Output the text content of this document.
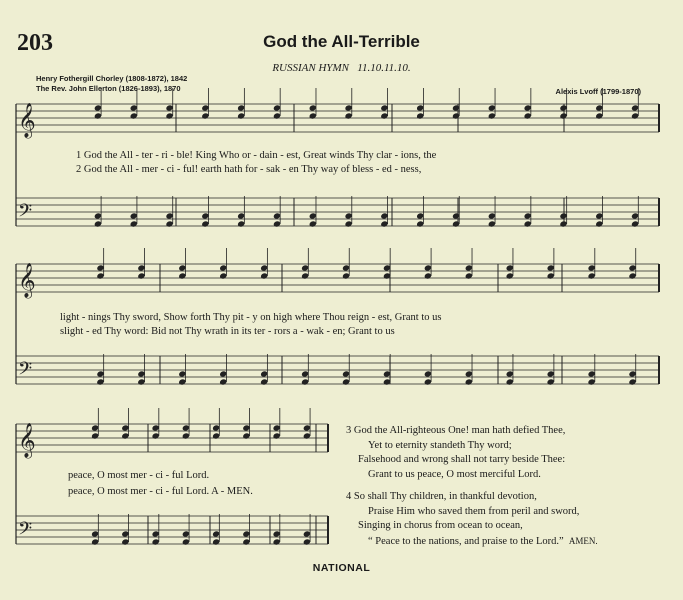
203	God the All-Terrible
RUSSIAN HYMN 11.10.11.10.
Henry Fothergill Chorley (1808-1872), 1842
The Rev. John Ellerton (1826-1893), 1870	Alexis Lvoff (1799-1870)
𝄞
𝄢
𝄞
𝄢
𝄞
𝄢
1 God the All - ter - ri - ble! King Who or - dain - est, Great winds Thy clar - ions, the
2 God the All - mer - ci - ful! earth hath for - sak - en Thy way of bless - ed - ness,
light - nings Thy sword, Show forth Thy pit - y on high where Thou reign - est, Grant to us
slight - ed Thy word: Bid not Thy wrath in its ter - rors a - wak - en; Grant to us
peace, O most mer - ci - ful Lord.
peace, O most mer - ci - ful Lord. A - MEN.
3 God the All-righteous One! man hath defied Thee,
Yet to eternity standeth Thy word;
Falsehood and wrong shall not tarry beside Thee:
Grant to us peace, O most merciful Lord.
4 So shall Thy children, in thankful devotion,
Praise Him who saved them from peril and sword,
Singing in chorus from ocean to ocean,
“ Peace to the nations, and praise to the Lord.” AMEN.
NATIONAL
